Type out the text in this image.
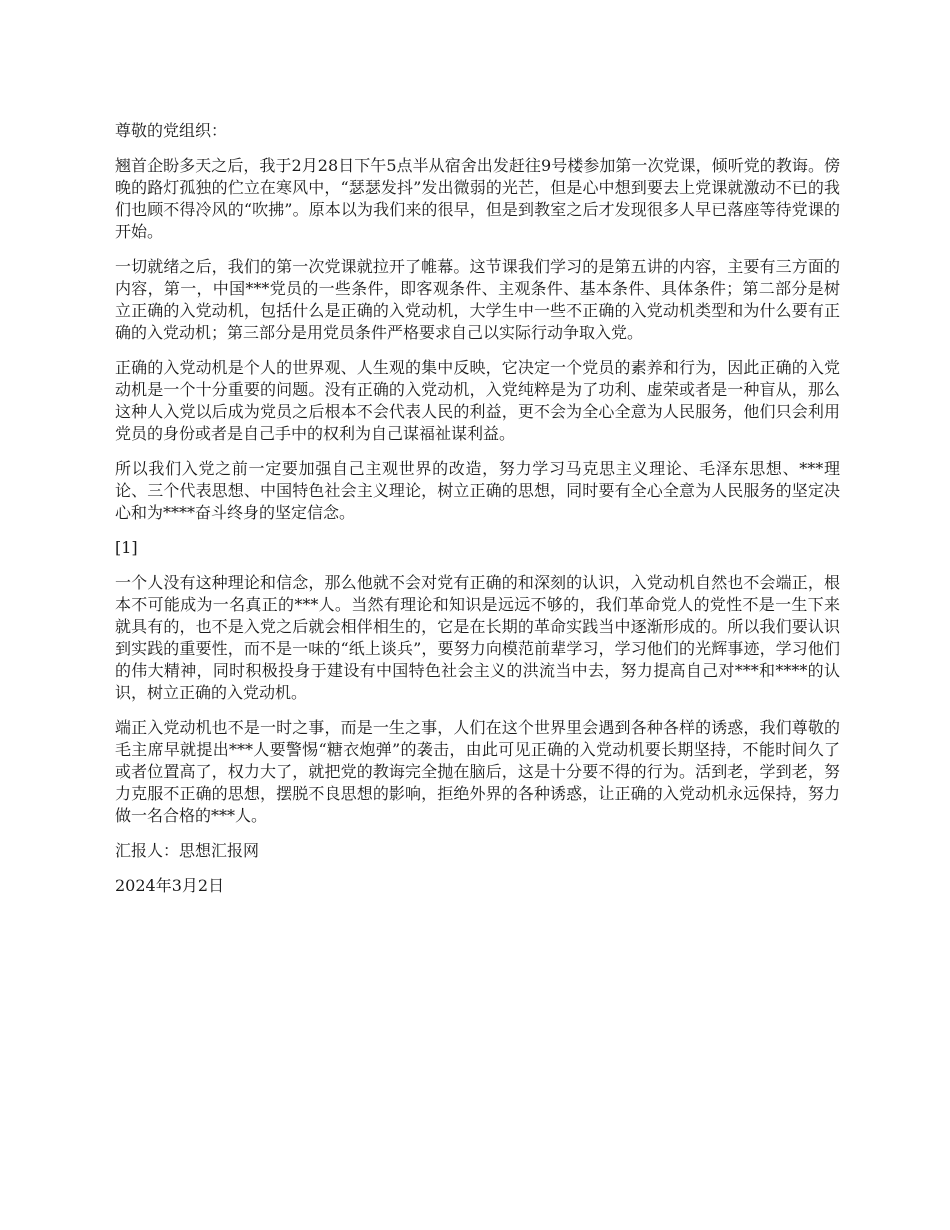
尊敬的党组织：

翘首企盼多天之后，我于2月28日下午5点半从宿舍出发赶往9号楼参加第一次党课，倾听党的教诲。傍晚的路灯孤独的伫立在寒风中，“瑟瑟发抖”发出微弱的光芒，但是心中想到要去上党课就激动不已的我们也顾不得冷风的“吹拂”。原本以为我们来的很早，但是到教室之后才发现很多人早已落座等待党课的开始。

一切就绪之后，我们的第一次党课就拉开了帷幕。这节课我们学习的是第五讲的内容，主要有三方面的内容，第一，中国***党员的一些条件，即客观条件、主观条件、基本条件、具体条件；第二部分是树立正确的入党动机，包括什么是正确的入党动机，大学生中一些不正确的入党动机类型和为什么要有正确的入党动机；第三部分是用党员条件严格要求自己以实际行动争取入党。

正确的入党动机是个人的世界观、人生观的集中反映，它决定一个党员的素养和行为，因此正确的入党动机是一个十分重要的问题。没有正确的入党动机，入党纯粹是为了功利、虚荣或者是一种盲从，那么这种人入党以后成为党员之后根本不会代表人民的利益，更不会为全心全意为人民服务，他们只会利用党员的身份或者是自己手中的权利为自己谋福祉谋利益。

所以我们入党之前一定要加强自己主观世界的改造，努力学习马克思主义理论、毛泽东思想、***理论、三个代表思想、中国特色社会主义理论，树立正确的思想，同时要有全心全意为人民服务的坚定决心和为****奋斗终身的坚定信念。

[1]

一个人没有这种理论和信念，那么他就不会对党有正确的和深刻的认识，入党动机自然也不会端正，根本不可能成为一名真正的***人。当然有理论和知识是远远不够的，我们革命党人的党性不是一生下来就具有的，也不是入党之后就会相伴相生的，它是在长期的革命实践当中逐渐形成的。所以我们要认识到实践的重要性，而不是一味的“纸上谈兵”，要努力向模范前辈学习，学习他们的光辉事迹，学习他们的伟大精神，同时积极投身于建设有中国特色社会主义的洪流当中去，努力提高自己对***和****的认识，树立正确的入党动机。

端正入党动机也不是一时之事，而是一生之事，人们在这个世界里会遇到各种各样的诱惑，我们尊敬的毛主席早就提出***人要警惕“糖衣炮弹”的袭击，由此可见正确的入党动机要长期坚持，不能时间久了或者位置高了，权力大了，就把党的教诲完全抛在脑后，这是十分要不得的行为。活到老，学到老，努力克服不正确的思想，摆脱不良思想的影响，拒绝外界的各种诱惑，让正确的入党动机永远保持，努力做一名合格的***人。

汇报人：思想汇报网

2024年3月2日
